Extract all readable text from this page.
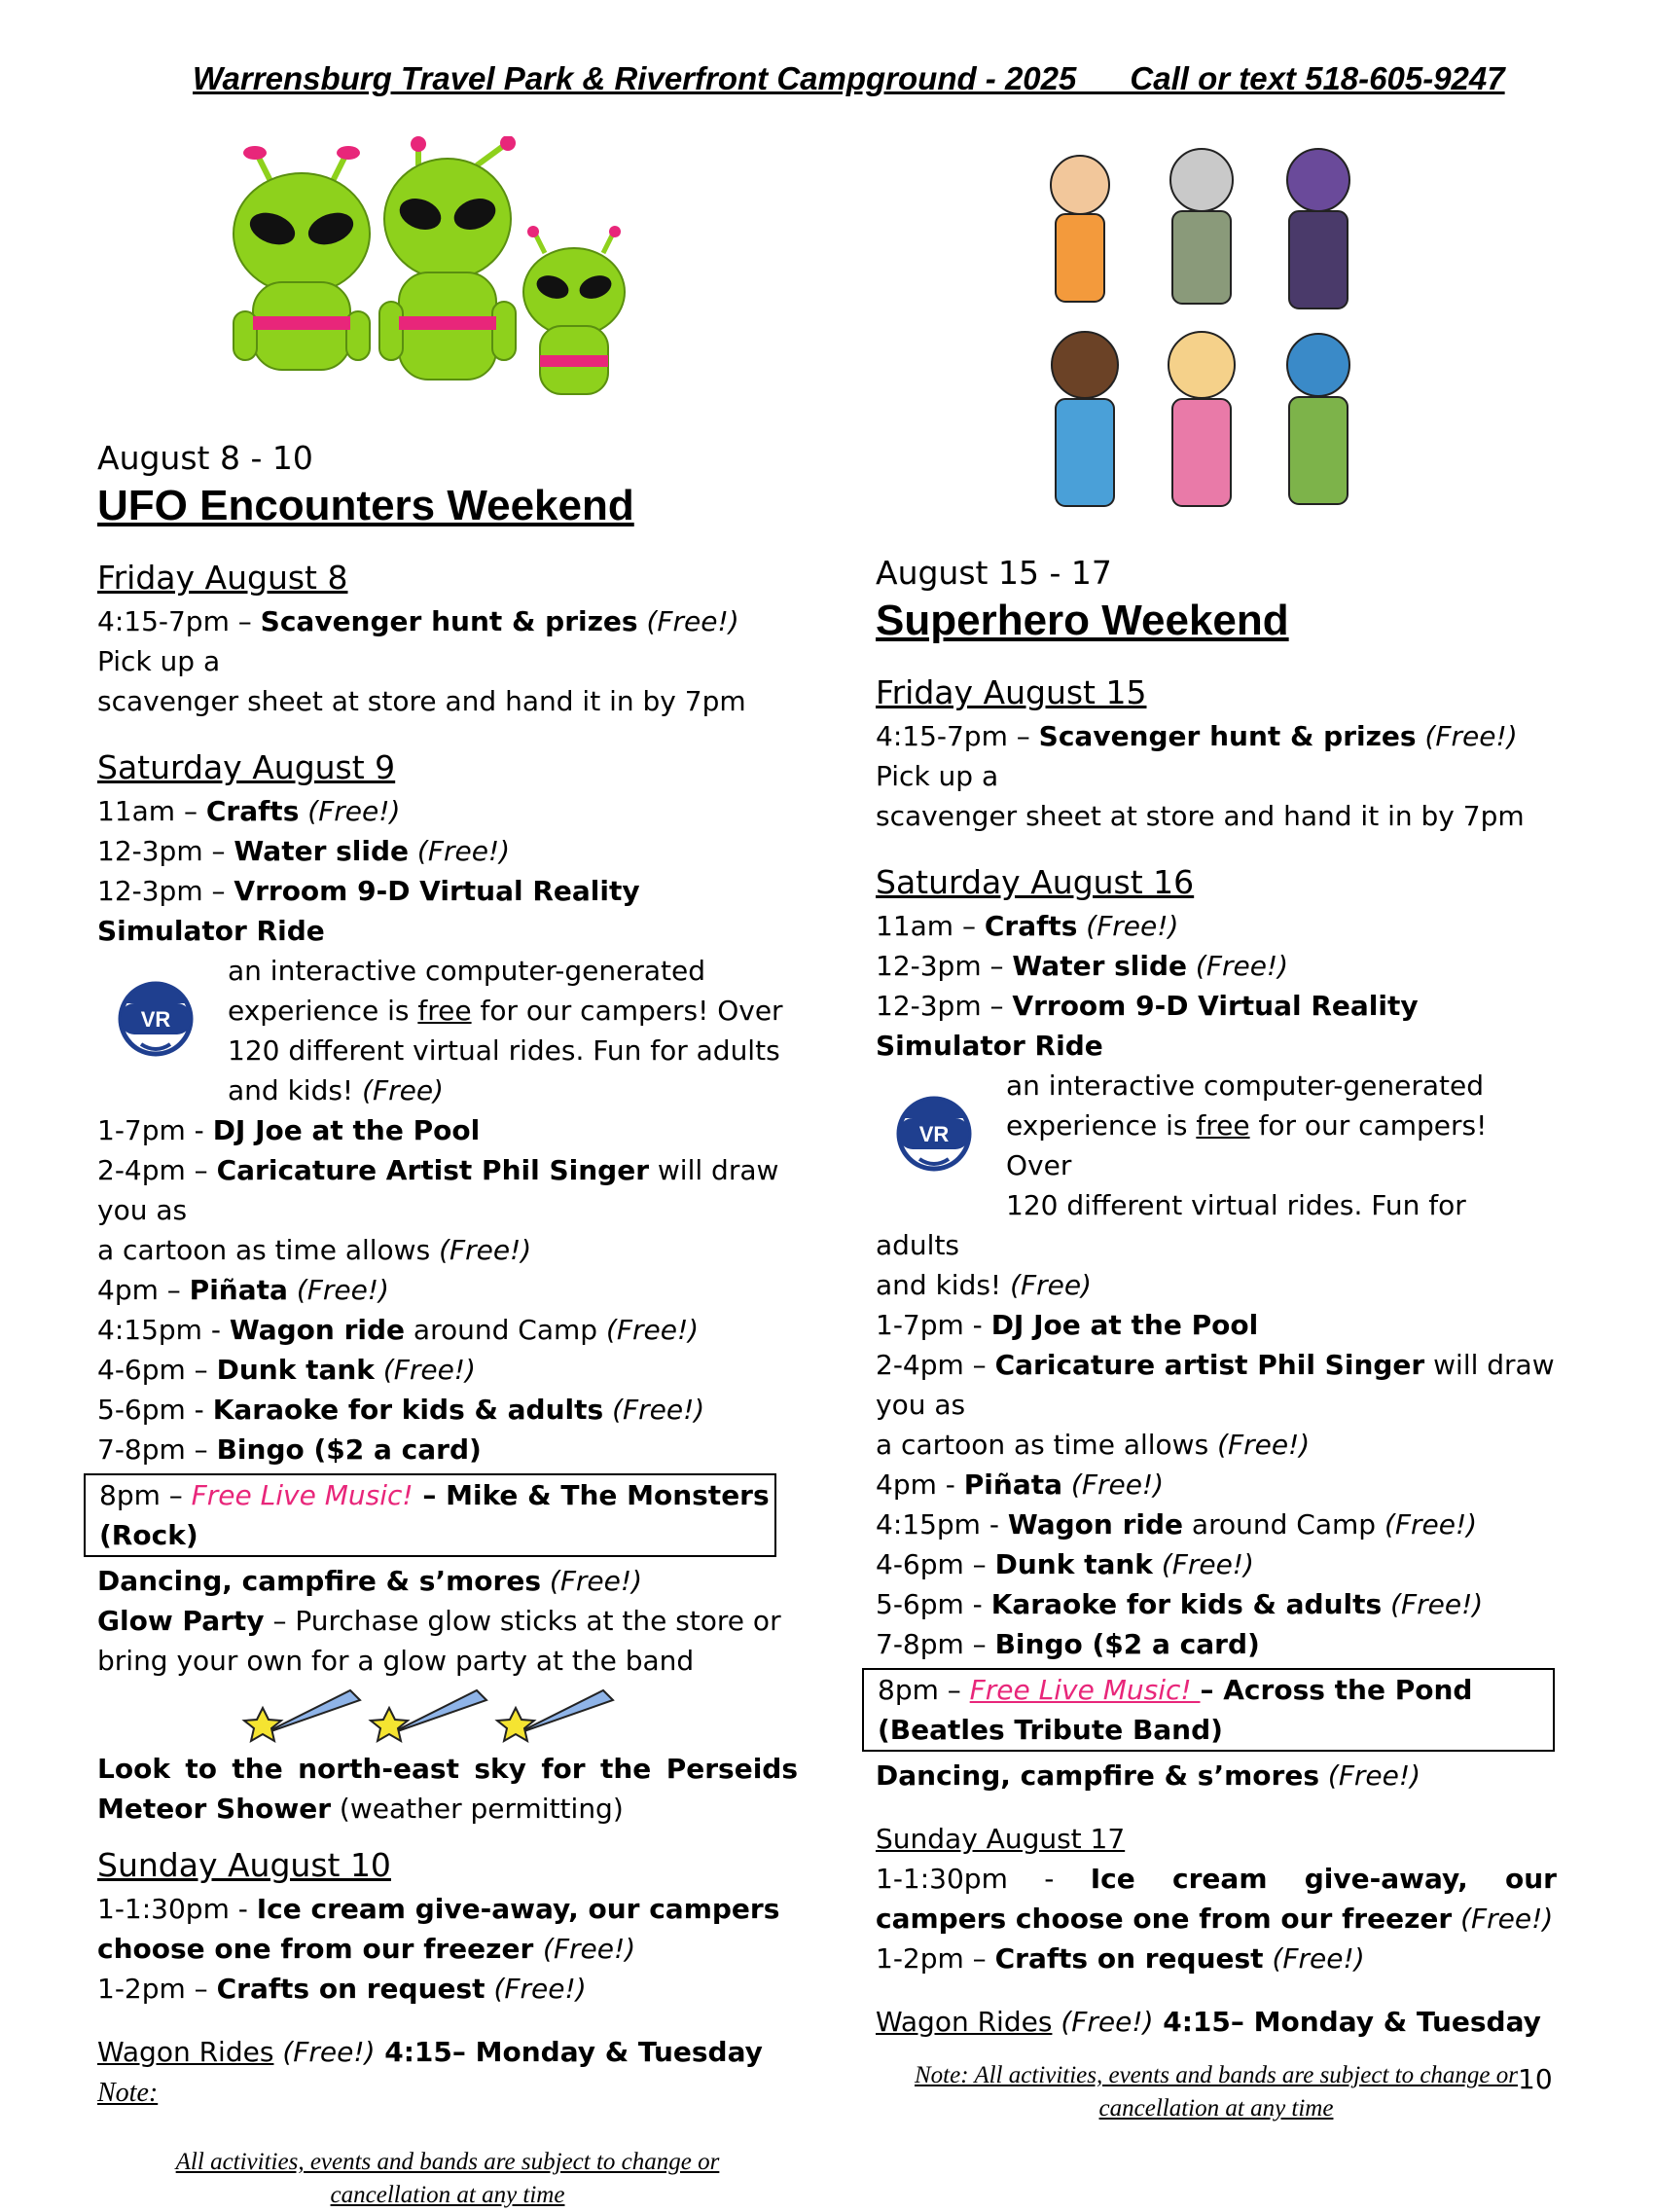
Warrensburg Travel Park & Riverfront Campground - 2025      Call or text 518-605-9247

August 8 - 10

UFO Encounters Weekend

Friday August 8

4:15-7pm – Scavenger hunt & prizes (Free!) Pick up a

scavenger sheet at store and hand it in by 7pm

Saturday August 9

11am – Crafts (Free!)

12-3pm – Water slide (Free!)

12-3pm – Vrroom 9-D Virtual Reality Simulator Ride

VR

an interactive computer-generated

experience is free for our campers! Over

120 different virtual rides. Fun for adults

and kids! (Free)

1-7pm - DJ Joe at the Pool

2-4pm – Caricature Artist Phil Singer will draw you as

a cartoon as time allows (Free!)

4pm – Piñata (Free!)

4:15pm - Wagon ride around Camp (Free!)

4-6pm – Dunk tank (Free!)

5-6pm - Karaoke for kids & adults (Free!)

7-8pm – Bingo ($2 a card)

8pm – Free Live Music! – Mike & The Monsters

(Rock)

Dancing, campfire & s’mores (Free!)

Glow Party – Purchase glow sticks at the store or

bring your own for a glow party at the band

Look to the north-east sky for the Perseids Meteor Shower (weather permitting)

Sunday August 10

1-1:30pm - Ice cream give-away, our campers

choose one from our freezer (Free!)

1-2pm – Crafts on request (Free!)

Wagon Rides (Free!) 4:15– Monday & Tuesday Note:

All activities, events and bands are subject to change or

cancellation at any time

August 15 - 17

Superhero Weekend

Friday August 15

4:15-7pm – Scavenger hunt & prizes (Free!) Pick up a

scavenger sheet at store and hand it in by 7pm

Saturday August 16

11am – Crafts (Free!)

12-3pm – Water slide (Free!)

12-3pm – Vrroom 9-D Virtual Reality Simulator Ride

VR

an interactive computer-generated

experience is free for our campers! Over

120 different virtual rides. Fun for adults

and kids! (Free)

1-7pm - DJ Joe at the Pool

2-4pm – Caricature artist Phil Singer will draw you as

a cartoon as time allows (Free!)

4pm - Piñata (Free!)

4:15pm - Wagon ride around Camp (Free!)

4-6pm – Dunk tank (Free!)

5-6pm - Karaoke for kids & adults (Free!)

7-8pm – Bingo ($2 a card)

8pm – Free Live Music! – Across the Pond

(Beatles Tribute Band)

Dancing, campfire & s’mores (Free!)

Sunday August 17

1-1:30pm - Ice cream give-away, our campers choose one from our freezer (Free!)

1-2pm – Crafts on request (Free!)

Wagon Rides (Free!) 4:15– Monday & Tuesday

Note: All activities, events and bands are subject to change or

cancellation at any time

10
